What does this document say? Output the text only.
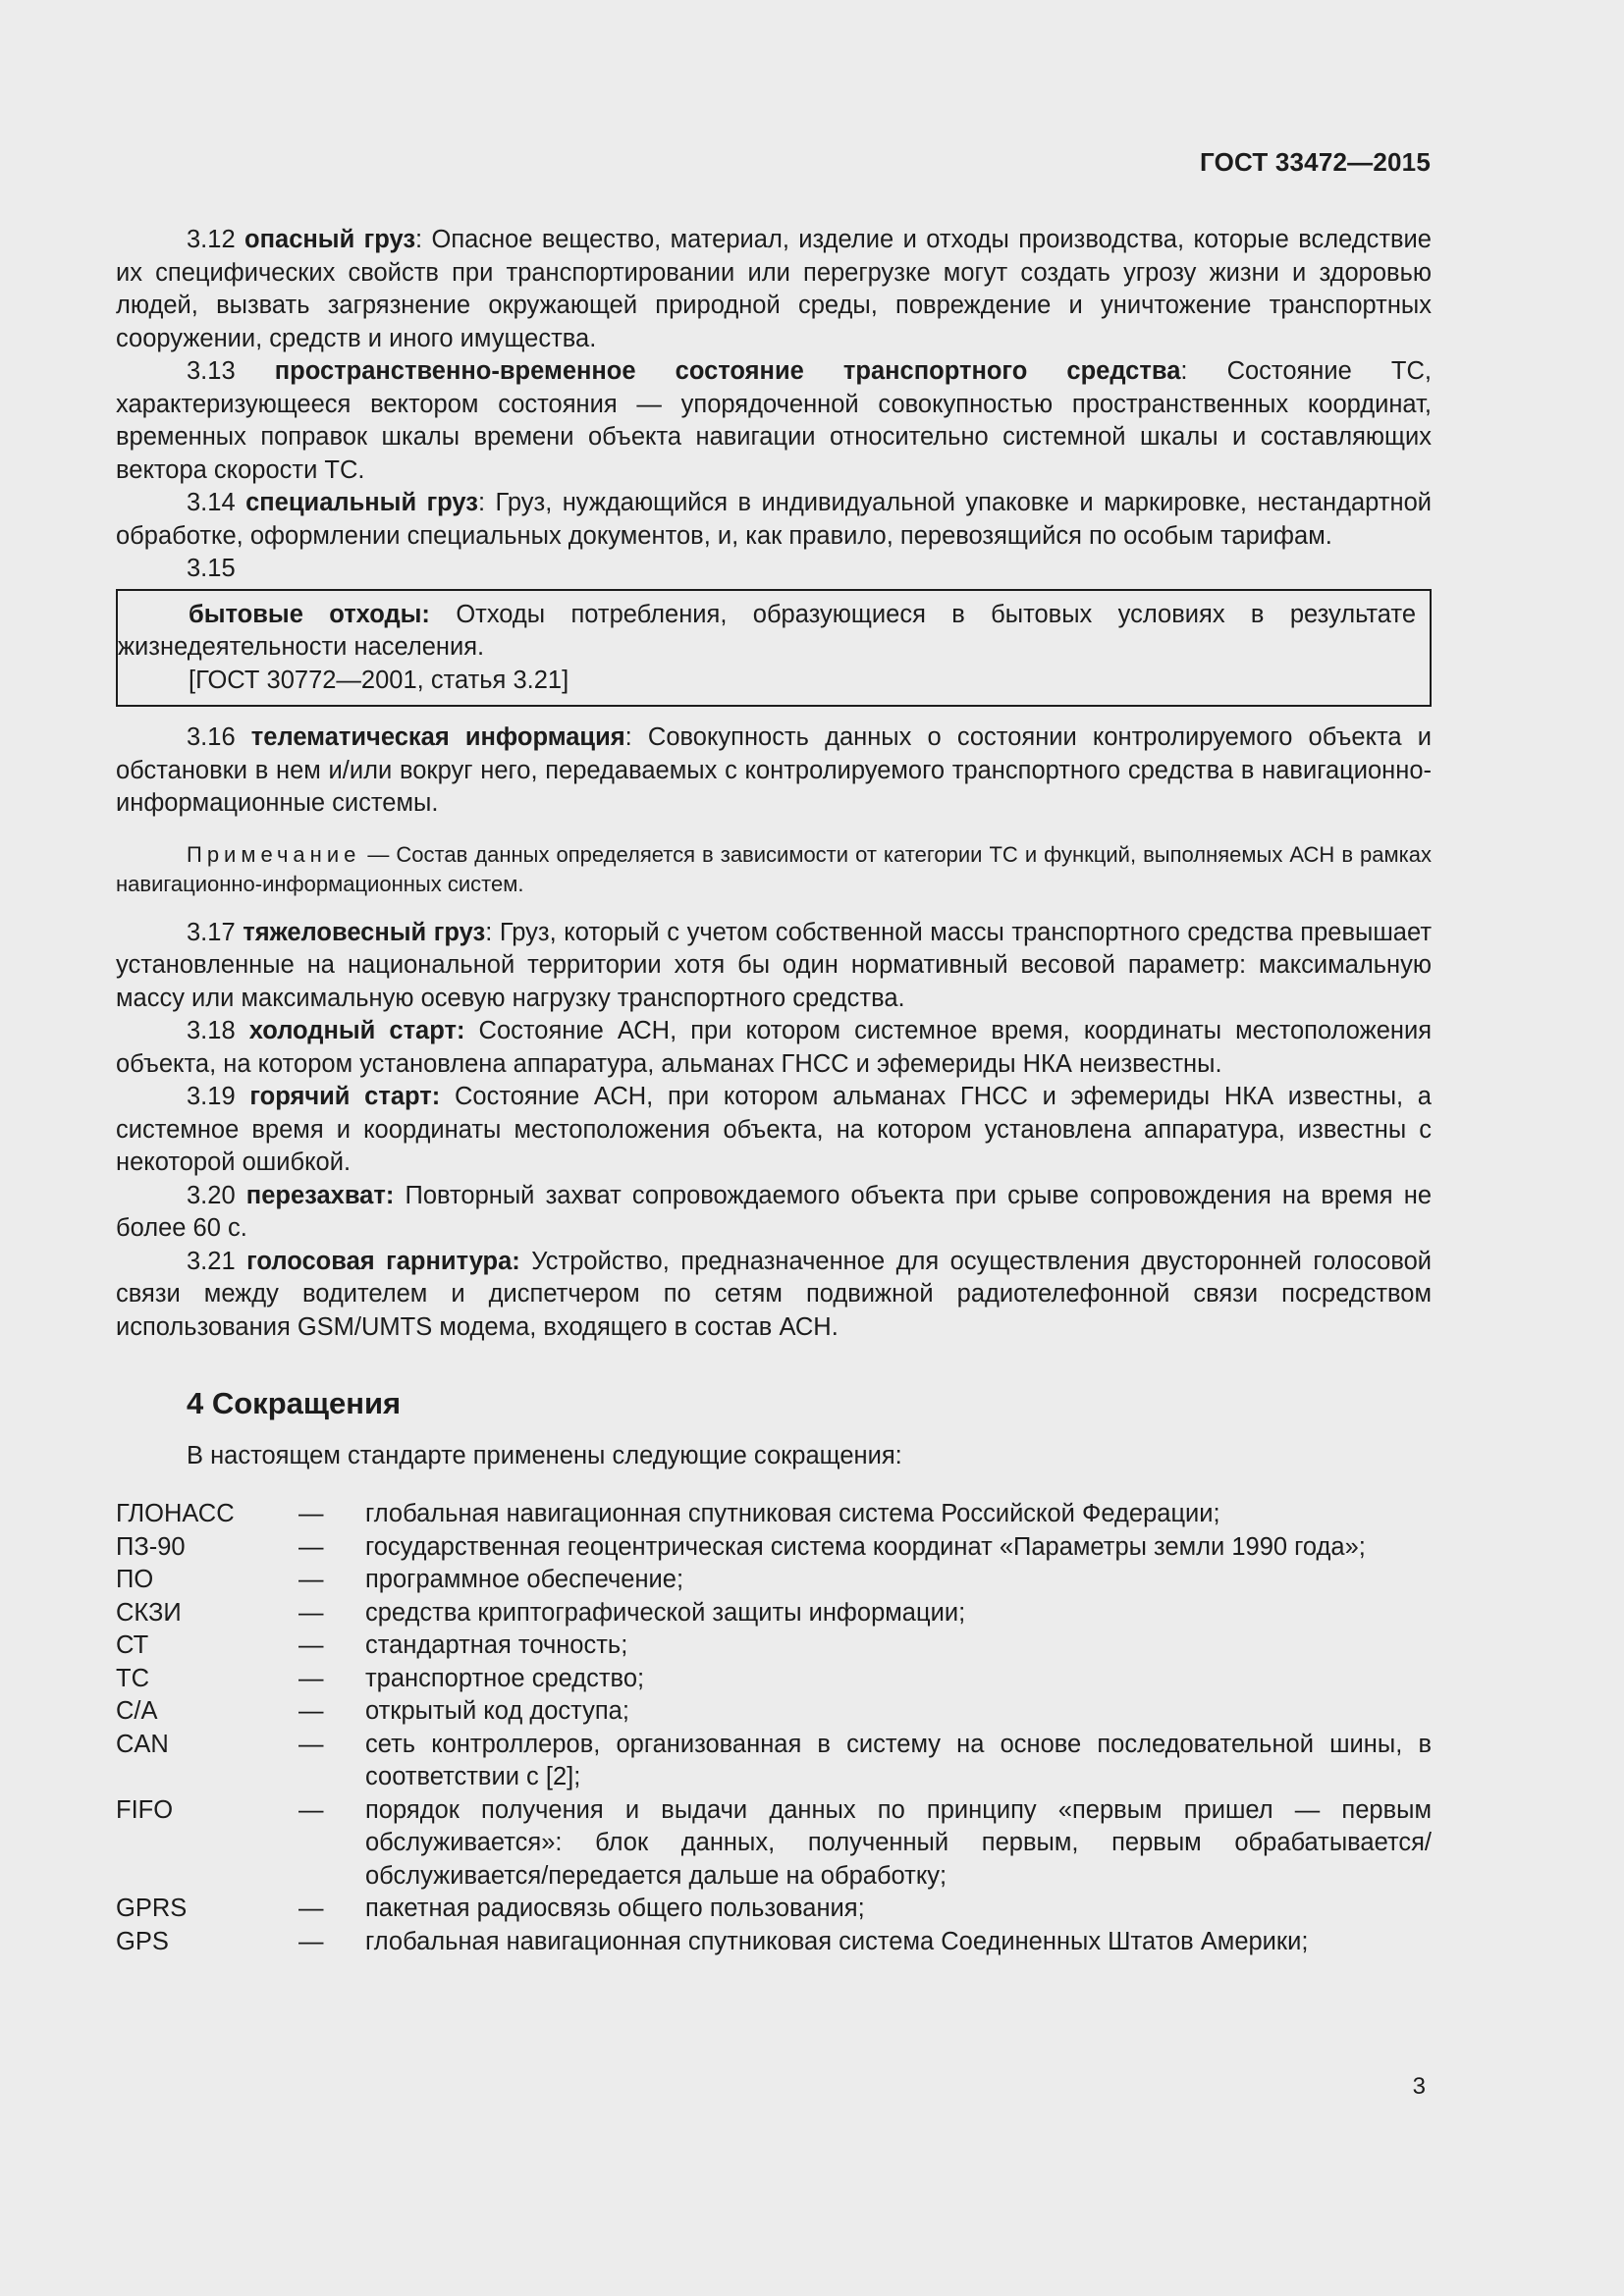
ГОСТ 33472—2015

3.12 опасный груз: Опасное вещество, материал, изделие и отходы производства, которые вследствие их специфических свойств при транспортировании или перегрузке могут создать угрозу жизни и здоровью людей, вызвать загрязнение окружающей природной среды, повреждение и уничтожение транспортных сооружении, средств и иного имущества.

3.13 пространственно-временное состояние транспортного средства: Состояние ТС, характеризующееся вектором состояния — упорядоченной совокупностью пространственных координат, временных поправок шкалы времени объекта навигации относительно системной шкалы и составляющих вектора скорости ТС.

3.14 специальный груз: Груз, нуждающийся в индивидуальной упаковке и маркировке, нестандартной обработке, оформлении специальных документов, и, как правило, перевозящийся по особым тарифам.

3.15

бытовые отходы: Отходы потребления, образующиеся в бытовых условиях в результате жизнедеятельности населения.

[ГОСТ 30772—2001, статья 3.21]

3.16 телематическая информация: Совокупность данных о состоянии контролируемого объекта и обстановки в нем и/или вокруг него, передаваемых с контролируемого транспортного средства в навигационно-информационные системы.

Примечание — Состав данных определяется в зависимости от категории ТС и функций, выполняемых АСН в рамках навигационно-информационных систем.

3.17 тяжеловесный груз: Груз, который с учетом собственной массы транспортного средства превышает установленные на национальной территории хотя бы один нормативный весовой параметр: максимальную массу или максимальную осевую нагрузку транспортного средства.

3.18 холодный старт: Состояние АСН, при котором системное время, координаты местоположения объекта, на котором установлена аппаратура, альманах ГНСС и эфемериды НКА неизвестны.

3.19 горячий старт: Состояние АСН, при котором альманах ГНСС и эфемериды НКА известны, а системное время и координаты местоположения объекта, на котором установлена аппаратура, известны с некоторой ошибкой.

3.20 перезахват: Повторный захват сопровождаемого объекта при срыве сопровождения на время не более 60 с.

3.21 голосовая гарнитура: Устройство, предназначенное для осуществления двусторонней голосовой связи между водителем и диспетчером по сетям подвижной радиотелефонной связи посредством использования GSM/UMTS модема, входящего в состав АСН.

4 Сокращения

В настоящем стандарте применены следующие сокращения:

ГЛОНАСС	—	глобальная навигационная спутниковая система Российской Федерации;
ПЗ-90	—	государственная геоцентрическая система координат «Параметры земли 1990 года»;
ПО	—	программное обеспечение;
СКЗИ	—	средства криптографической защиты информации;
СТ	—	стандартная точность;
ТС	—	транспортное средство;
C/A	—	открытый код доступа;
CAN	—	сеть контроллеров, организованная в систему на основе последовательной шины, в соответствии с [2];
FIFO	—	порядок получения и выдачи данных по принципу «первым пришел — первым обслуживается»: блок данных, полученный первым, первым обрабатывается/обслуживается/передается дальше на обработку;
GPRS	—	пакетная радиосвязь общего пользования;
GPS	—	глобальная навигационная спутниковая система Соединенных Штатов Америки;
3
